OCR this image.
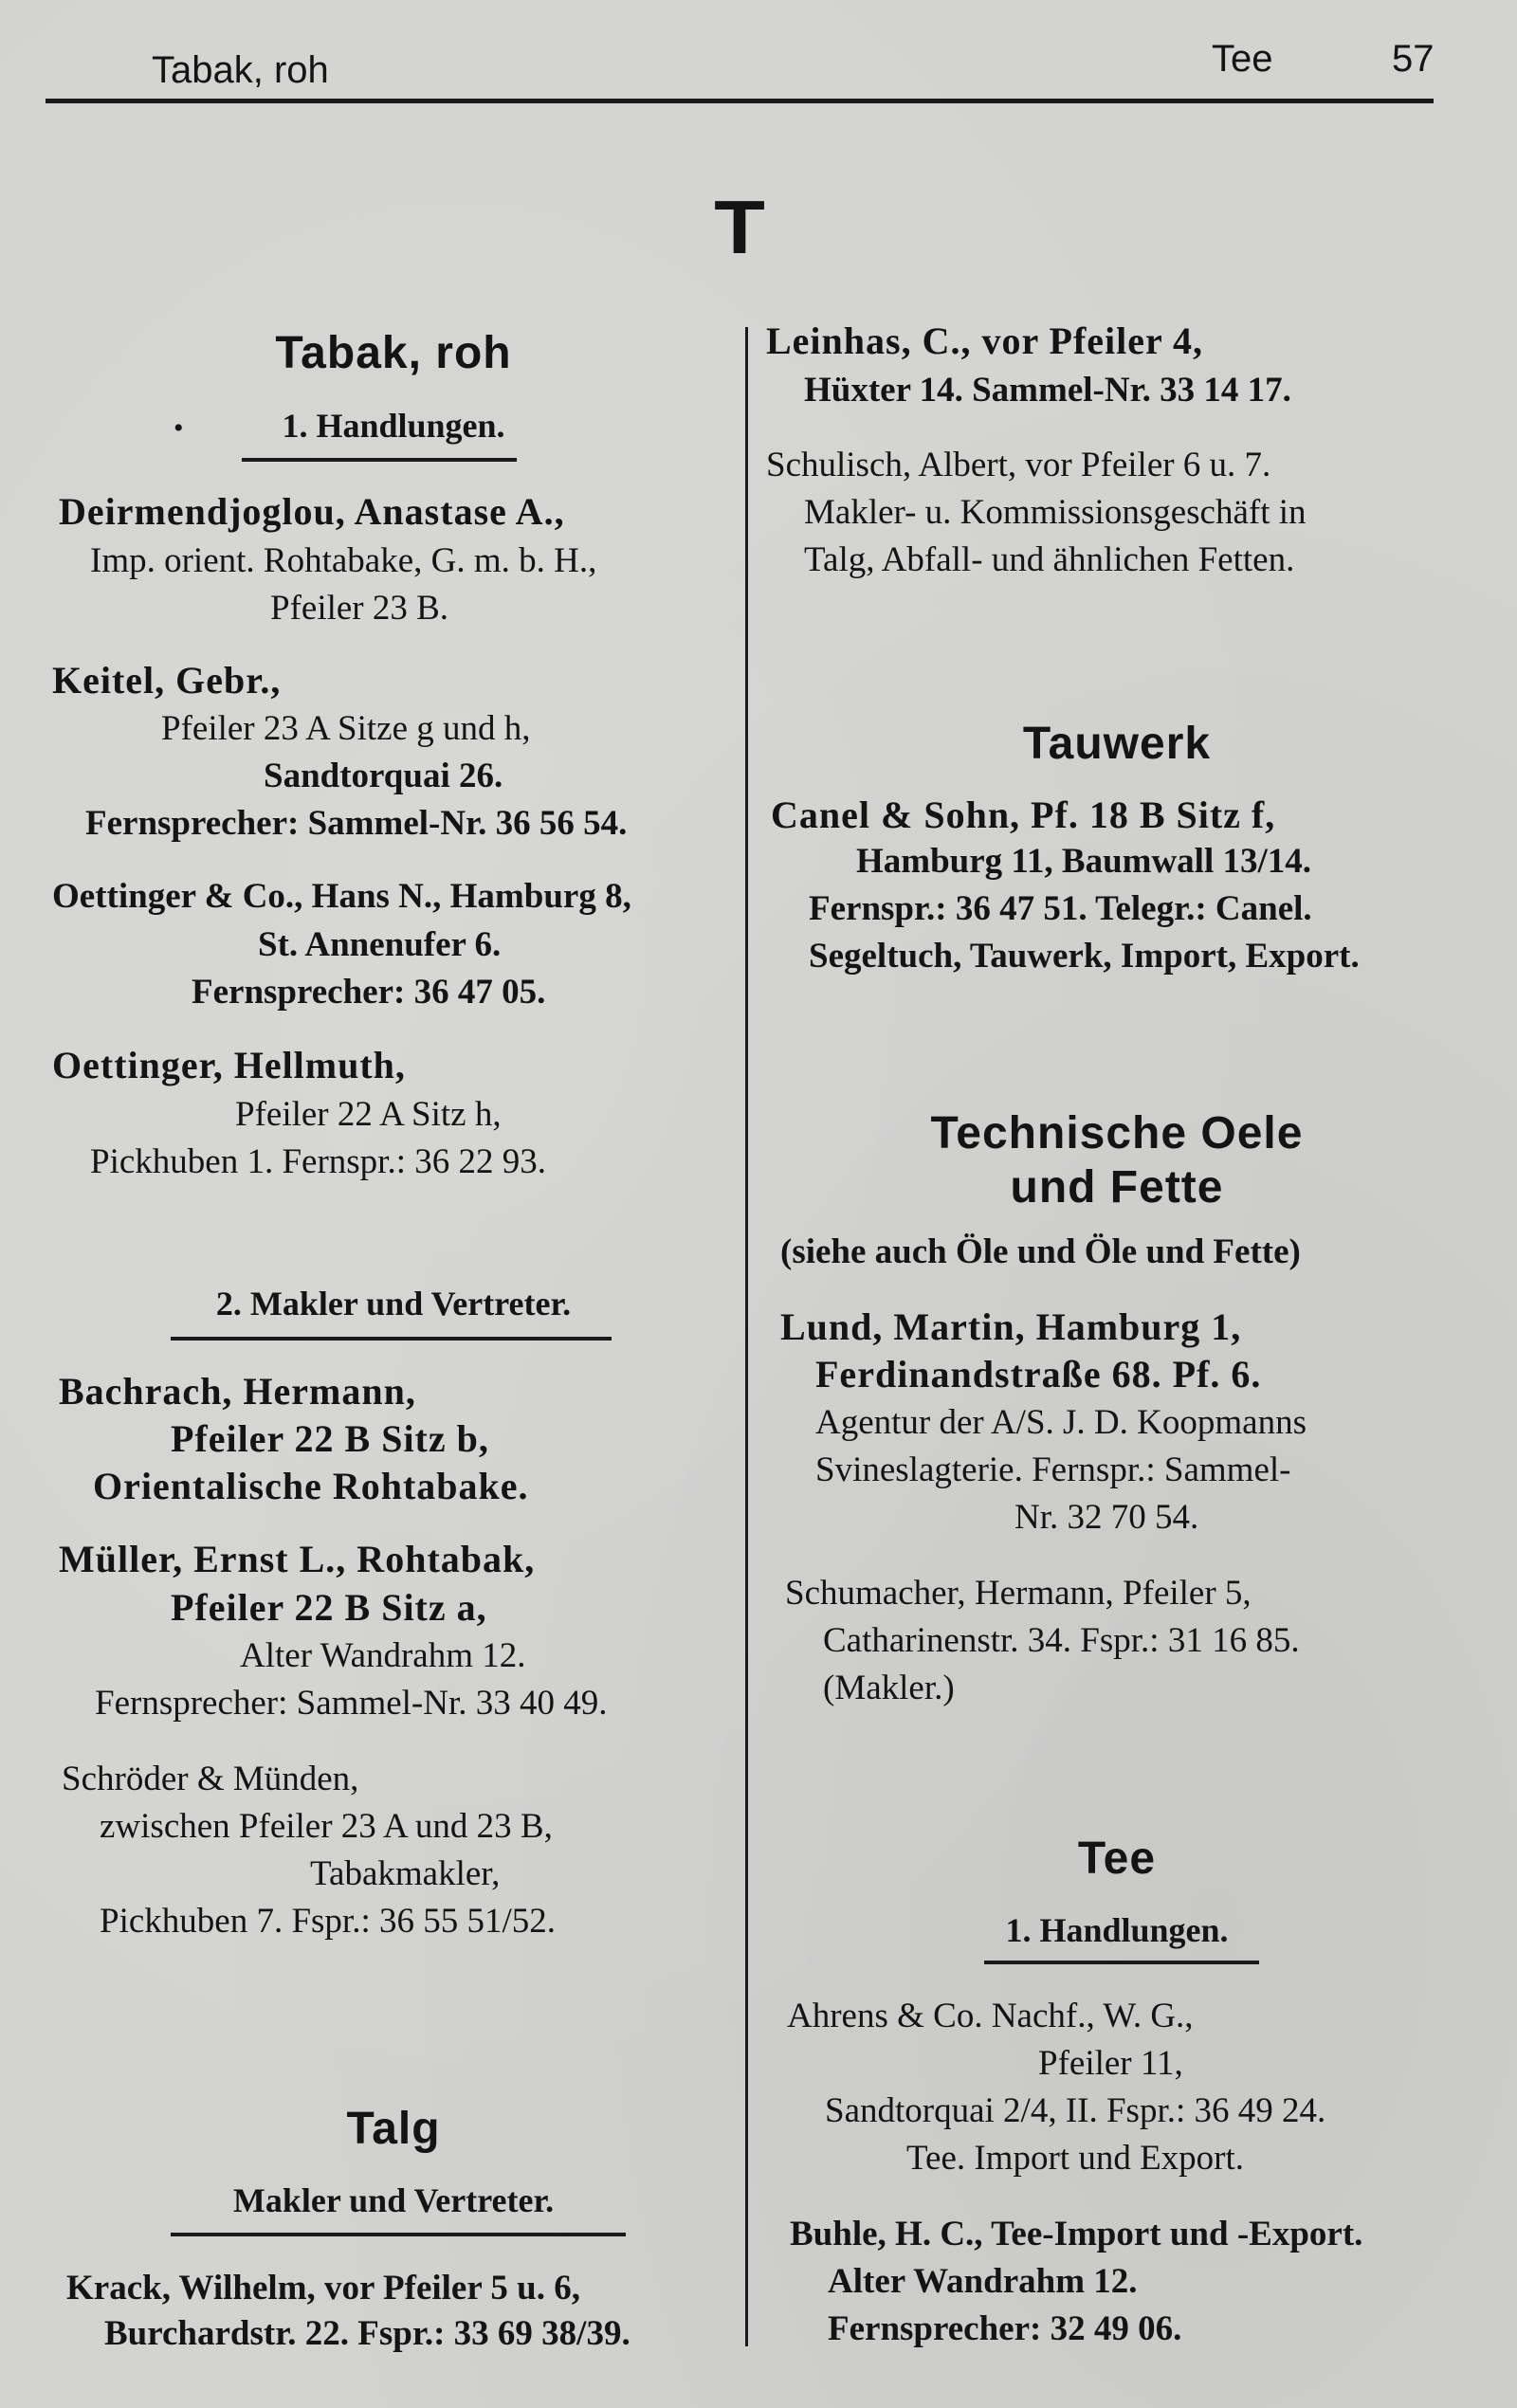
Tabak, roh	Tee	57
T
Tabak, roh
•	1. Handlungen.
Deirmendjoglou, Anastase A.,
Imp. orient. Rohtabake, G. m. b. H.,
Pfeiler 23 B.
Keitel, Gebr.,
Pfeiler 23 A Sitze g und h,
Sandtorquai 26.
Fernsprecher: Sammel-Nr. 36 56 54.
Oettinger & Co., Hans N., Hamburg 8,
St. Annenufer 6.
Fernsprecher: 36 47 05.
Oettinger, Hellmuth,
Pfeiler 22 A Sitz h,
Pickhuben 1. Fernspr.: 36 22 93.
2. Makler und Vertreter.
Bachrach, Hermann,
Pfeiler 22 B Sitz b,
Orientalische Rohtabake.
Müller, Ernst L., Rohtabak,
Pfeiler 22 B Sitz a,
Alter Wandrahm 12.
Fernsprecher: Sammel-Nr. 33 40 49.
Schröder & Münden,
zwischen Pfeiler 23 A und 23 B,
Tabakmakler,
Pickhuben 7. Fspr.: 36 55 51/52.
Talg
Makler und Vertreter.
Krack, Wilhelm, vor Pfeiler 5 u. 6,
Burchardstr. 22. Fspr.: 33 69 38/39.
Leinhas, C., vor Pfeiler 4,
Hüxter 14. Sammel-Nr. 33 14 17.
Schulisch, Albert, vor Pfeiler 6 u. 7.
Makler- u. Kommissionsgeschäft in
Talg, Abfall- und ähnlichen Fetten.
Tauwerk
Canel & Sohn, Pf. 18 B Sitz f,
Hamburg 11, Baumwall 13/14.
Fernspr.: 36 47 51. Telegr.: Canel.
Segeltuch, Tauwerk, Import, Export.
Technische Oele
und Fette
(siehe auch Öle und Öle und Fette)
Lund, Martin, Hamburg 1,
Ferdinandstraße 68. Pf. 6.
Agentur der A/S. J. D. Koopmanns
Svineslagterie. Fernspr.: Sammel-
Nr. 32 70 54.
Schumacher, Hermann, Pfeiler 5,
Catharinenstr. 34. Fspr.: 31 16 85.
(Makler.)
Tee
1. Handlungen.
Ahrens & Co. Nachf., W. G.,
Pfeiler 11,
Sandtorquai 2/4, II. Fspr.: 36 49 24.
Tee. Import und Export.
Buhle, H. C., Tee-Import und -Export.
Alter Wandrahm 12.
Fernsprecher: 32 49 06.
